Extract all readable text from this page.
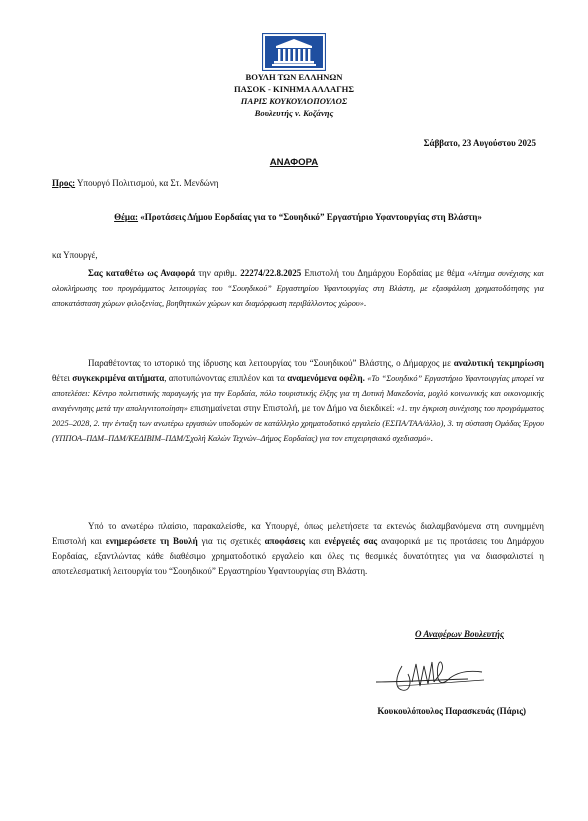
ΒΟΥΛΗ ΤΩΝ ΕΛΛΗΝΩΝ
ΠΑΣΟΚ - ΚΙΝΗΜΑ ΑΛΛΑΓΗΣ
ΠΑΡΙΣ ΚΟΥΚΟΥΛΟΠΟΥΛΟΣ
Βουλευτής ν. Κοζάνης
Σάββατο, 23 Αυγούστου 2025
ΑΝΑΦΟΡΑ
Προς: Υπουργό Πολιτισμού, κα Στ. Μενδώνη
Θέμα: «Προτάσεις Δήμου Εορδαίας για το “Σουηδικό” Εργαστήριο Υφαντουργίας στη Βλάστη»
κα Υπουργέ,

Σας καταθέτω ως Αναφορά την αριθμ. 22274/22.8.2025 Επιστολή του Δημάρχου Εορδαίας με θέμα «Αίτημα συνέχισης και ολοκλήρωσης του προγράμματος λειτουργίας του “Σουηδικού” Εργαστηρίου Υφαντουργίας στη Βλάστη, με εξασφάλιση χρηματοδότησης για αποκατάσταση χώρων φιλοξενίας, βοηθητικών χώρων και διαμόρφωση περιβάλλοντος χώρου».

Παραθέτοντας το ιστορικό της ίδρυσης και λειτουργίας του “Σουηδικού” Βλάστης, ο Δήμαρχος με αναλυτική τεκμηρίωση θέτει συγκεκριμένα αιτήματα, αποτυπώνοντας επιπλέον και τα αναμενόμενα οφέλη. «Το “Σουηδικό” Εργαστήριο Υφαντουργίας μπορεί να αποτελέσει: Κέντρο πολιτιστικής παραγωγής για την Εορδαία, πόλο τουριστικής έλξης για τη Δυτική Μακεδονία, μοχλό κοινωνικής και οικονομικής αναγέννησης μετά την απολιγνιτοποίηση» επισημαίνεται στην Επιστολή, με τον Δήμο να διεκδικεί: «1. την έγκριση συνέχισης του προγράμματος 2025–2028, 2. την ένταξη των ανωτέρω εργασιών υποδομών σε κατάλληλο χρηματοδοτικό εργαλείο (ΕΣΠΑ/ΤΑΑ/άλλο), 3. τη σύσταση Ομάδας Έργου (ΥΠΠΟΑ–ΠΔΜ–ΠΔΜ/ΚΕΔΙΒΙΜ–ΠΔΜ/Σχολή Καλών Τεχνών–Δήμος Εορδαίας) για τον επιχειρησιακό σχεδιασμό».

Υπό το ανωτέρω πλαίσιο, παρακαλείσθε, κα Υπουργέ, όπως μελετήσετε τα εκτενώς διαλαμβανόμενα στη συνημμένη Επιστολή και ενημερώσετε τη Βουλή για τις σχετικές αποφάσεις και ενέργειές σας αναφορικά με τις προτάσεις του Δημάρχου Εορδαίας, εξαντλώντας κάθε διαθέσιμο χρηματοδοτικό εργαλείο και όλες τις θεσμικές δυνατότητες για να διασφαλιστεί η αποτελεσματική λειτουργία του “Σουηδικού” Εργαστηρίου Υφαντουργίας στη Βλάστη.

Ο Αναφέρων Βουλευτής
Κουκουλόπουλος Παρασκευάς (Πάρις)
